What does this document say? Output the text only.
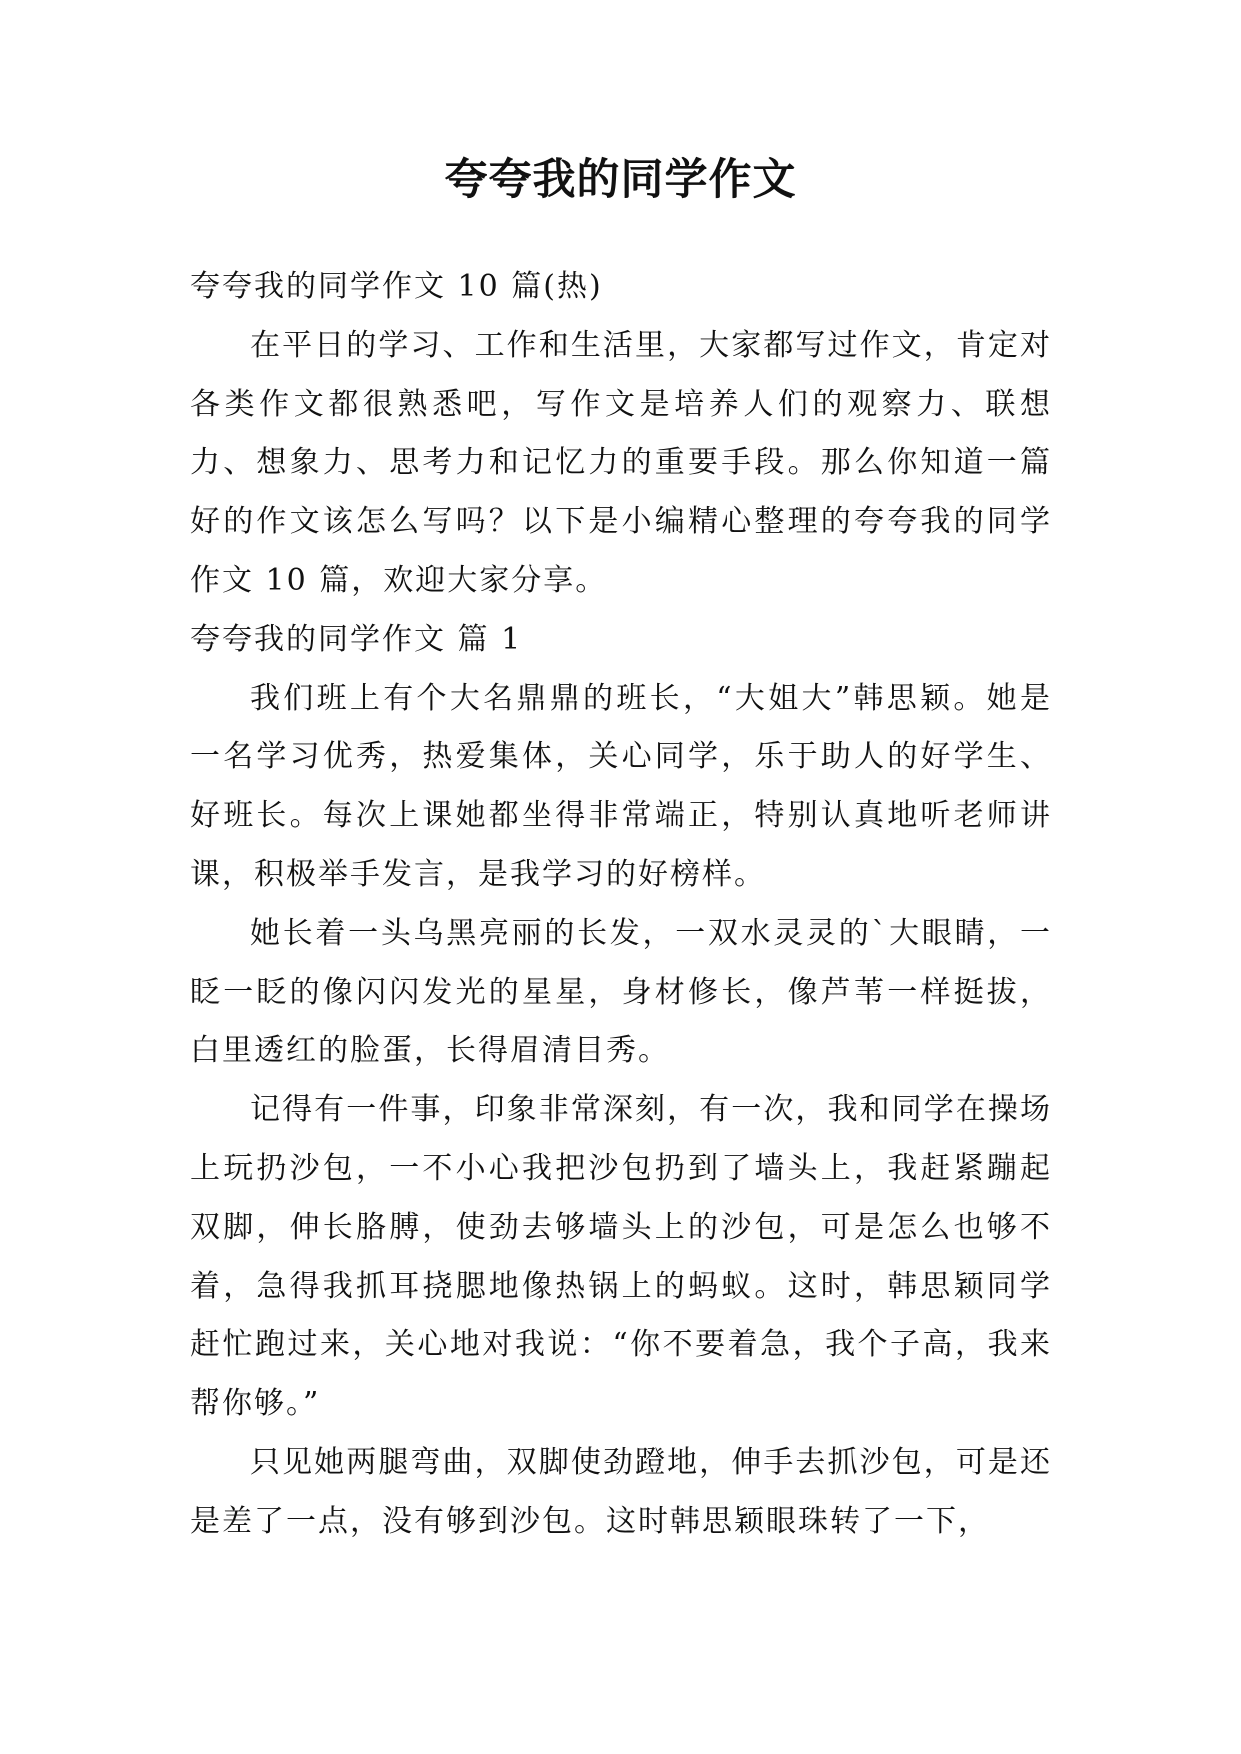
夸夸我的同学作文
夸夸我的同学作文 10 篇(热)

在平日的学习、工作和生活里，大家都写过作文，肯定对各类作文都很熟悉吧，写作文是培养人们的观察力、联想力、想象力、思考力和记忆力的重要手段。那么你知道一篇好的作文该怎么写吗？以下是小编精心整理的夸夸我的同学作文 10 篇，欢迎大家分享。

夸夸我的同学作文 篇 1

我们班上有个大名鼎鼎的班长，“大姐大”韩思颖。她是一名学习优秀，热爱集体，关心同学，乐于助人的好学生、好班长。每次上课她都坐得非常端正，特别认真地听老师讲课，积极举手发言，是我学习的好榜样。

她长着一头乌黑亮丽的长发，一双水灵灵的`大眼睛，一眨一眨的像闪闪发光的星星，身材修长，像芦苇一样挺拔，白里透红的脸蛋，长得眉清目秀。

记得有一件事，印象非常深刻，有一次，我和同学在操场上玩扔沙包，一不小心我把沙包扔到了墙头上，我赶紧蹦起双脚，伸长胳膊，使劲去够墙头上的沙包，可是怎么也够不着，急得我抓耳挠腮地像热锅上的蚂蚁。这时，韩思颖同学赶忙跑过来，关心地对我说：“你不要着急，我个子高，我来帮你够。”

只见她两腿弯曲，双脚使劲蹬地，伸手去抓沙包，可是还是差了一点，没有够到沙包。这时韩思颖眼珠转了一下，
